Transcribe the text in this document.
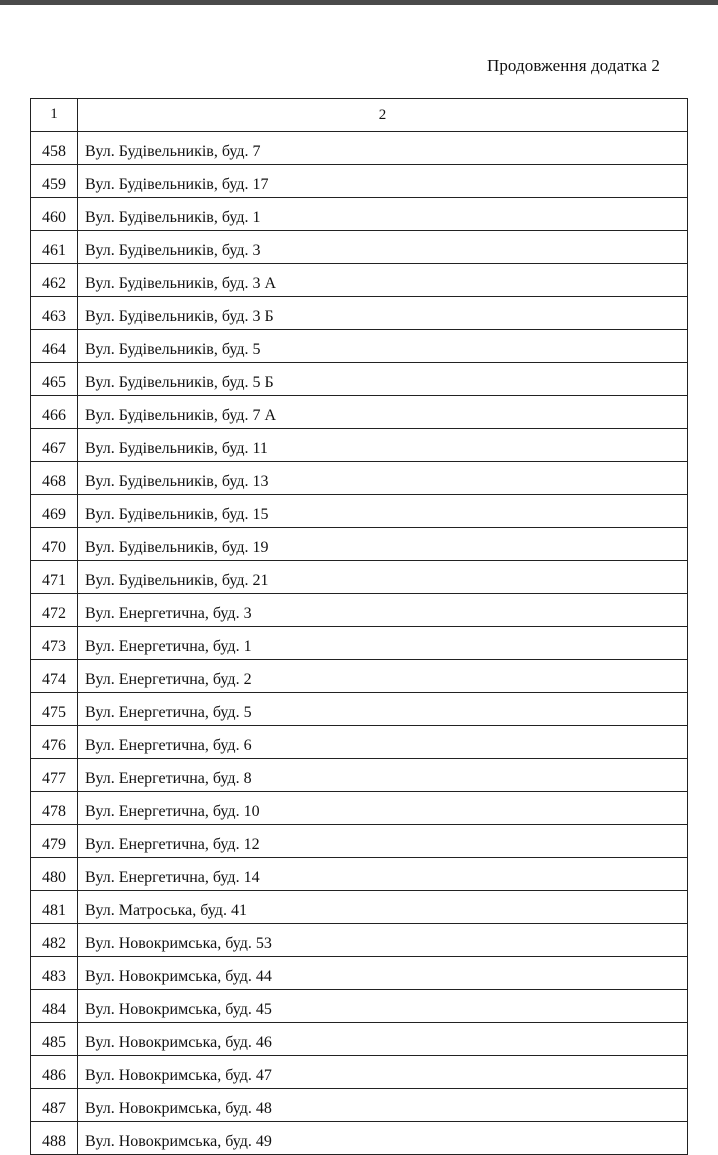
Продовження додатка 2
1	2
458	Вул. Будівельників, буд. 7
459	Вул. Будівельників, буд. 17
460	Вул. Будівельників, буд. 1
461	Вул. Будівельників, буд. 3
462	Вул. Будівельників, буд. 3 А
463	Вул. Будівельників, буд. 3 Б
464	Вул. Будівельників, буд. 5
465	Вул. Будівельників, буд. 5 Б
466	Вул. Будівельників, буд. 7 А
467	Вул. Будівельників, буд. 11
468	Вул. Будівельників, буд. 13
469	Вул. Будівельників, буд. 15
470	Вул. Будівельників, буд. 19
471	Вул. Будівельників, буд. 21
472	Вул. Енергетична, буд. 3
473	Вул. Енергетична, буд. 1
474	Вул. Енергетична, буд. 2
475	Вул. Енергетична, буд. 5
476	Вул. Енергетична, буд. 6
477	Вул. Енергетична, буд. 8
478	Вул. Енергетична, буд. 10
479	Вул. Енергетична, буд. 12
480	Вул. Енергетична, буд. 14
481	Вул. Матроська, буд. 41
482	Вул. Новокримська, буд. 53
483	Вул. Новокримська, буд. 44
484	Вул. Новокримська, буд. 45
485	Вул. Новокримська, буд. 46
486	Вул. Новокримська, буд. 47
487	Вул. Новокримська, буд. 48
488	Вул. Новокримська, буд. 49
